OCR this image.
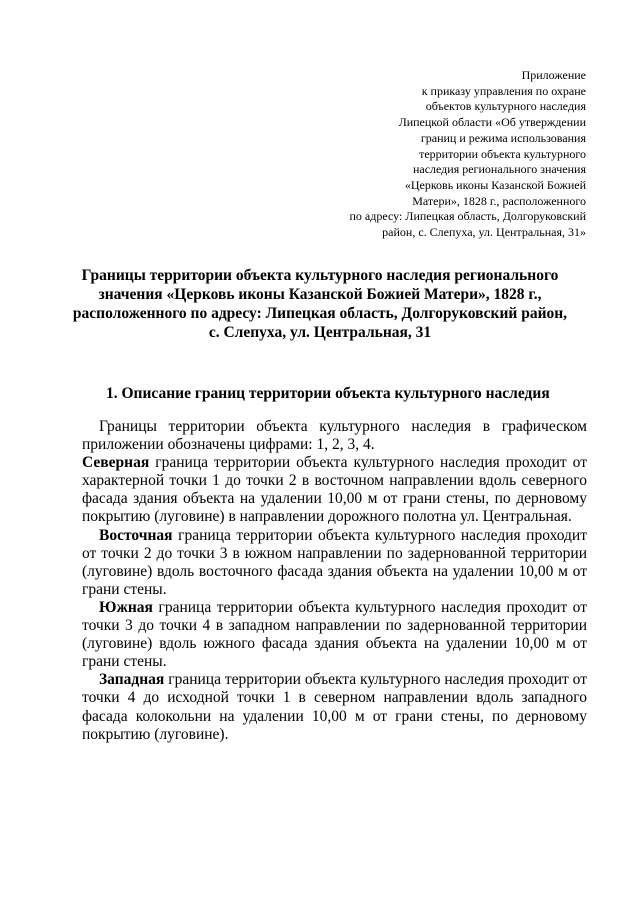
Приложение
к приказу управления по охране
объектов культурного наследия
Липецкой области «Об утверждении
границ и режима использования
территории объекта культурного
наследия регионального значения
«Церковь иконы Казанской Божией
Матери», 1828 г., расположенного
по адресу: Липецкая область, Долгоруковский
район, с. Слепуха, ул. Центральная, 31»
Границы территории объекта культурного наследия регионального
значения «Церковь иконы Казанской Божией Матери», 1828 г.,
расположенного по адресу: Липецкая область, Долгоруковский район,
с. Слепуха, ул. Центральная, 31
1. Описание границ территории объекта культурного наследия

Границы территории объекта культурного наследия в графическом

приложении обозначены цифрами: 1, 2, 3, 4.

Северная граница территории объекта культурного наследия проходит от характерной точки 1 до точки 2 в восточном направлении вдоль северного фасада здания объекта на удалении 10,00 м от грани стены, по дерновому покрытию (луговине) в направлении дорожного полотна ул. Центральная.

Восточная граница территории объекта культурного наследия проходит от точки 2 до точки 3 в южном направлении по задернованной территории (луговине) вдоль восточного фасада здания объекта на удалении 10,00 м от грани стены.

Южная граница территории объекта культурного наследия проходит от точки 3 до точки 4 в западном направлении по задернованной территории (луговине) вдоль южного фасада здания объекта на удалении 10,00 м от грани стены.

Западная граница территории объекта культурного наследия проходит от точки 4 до исходной точки 1 в северном направлении вдоль западного фасада колокольни на удалении 10,00 м от грани стены, по дерновому покрытию (луговине).
